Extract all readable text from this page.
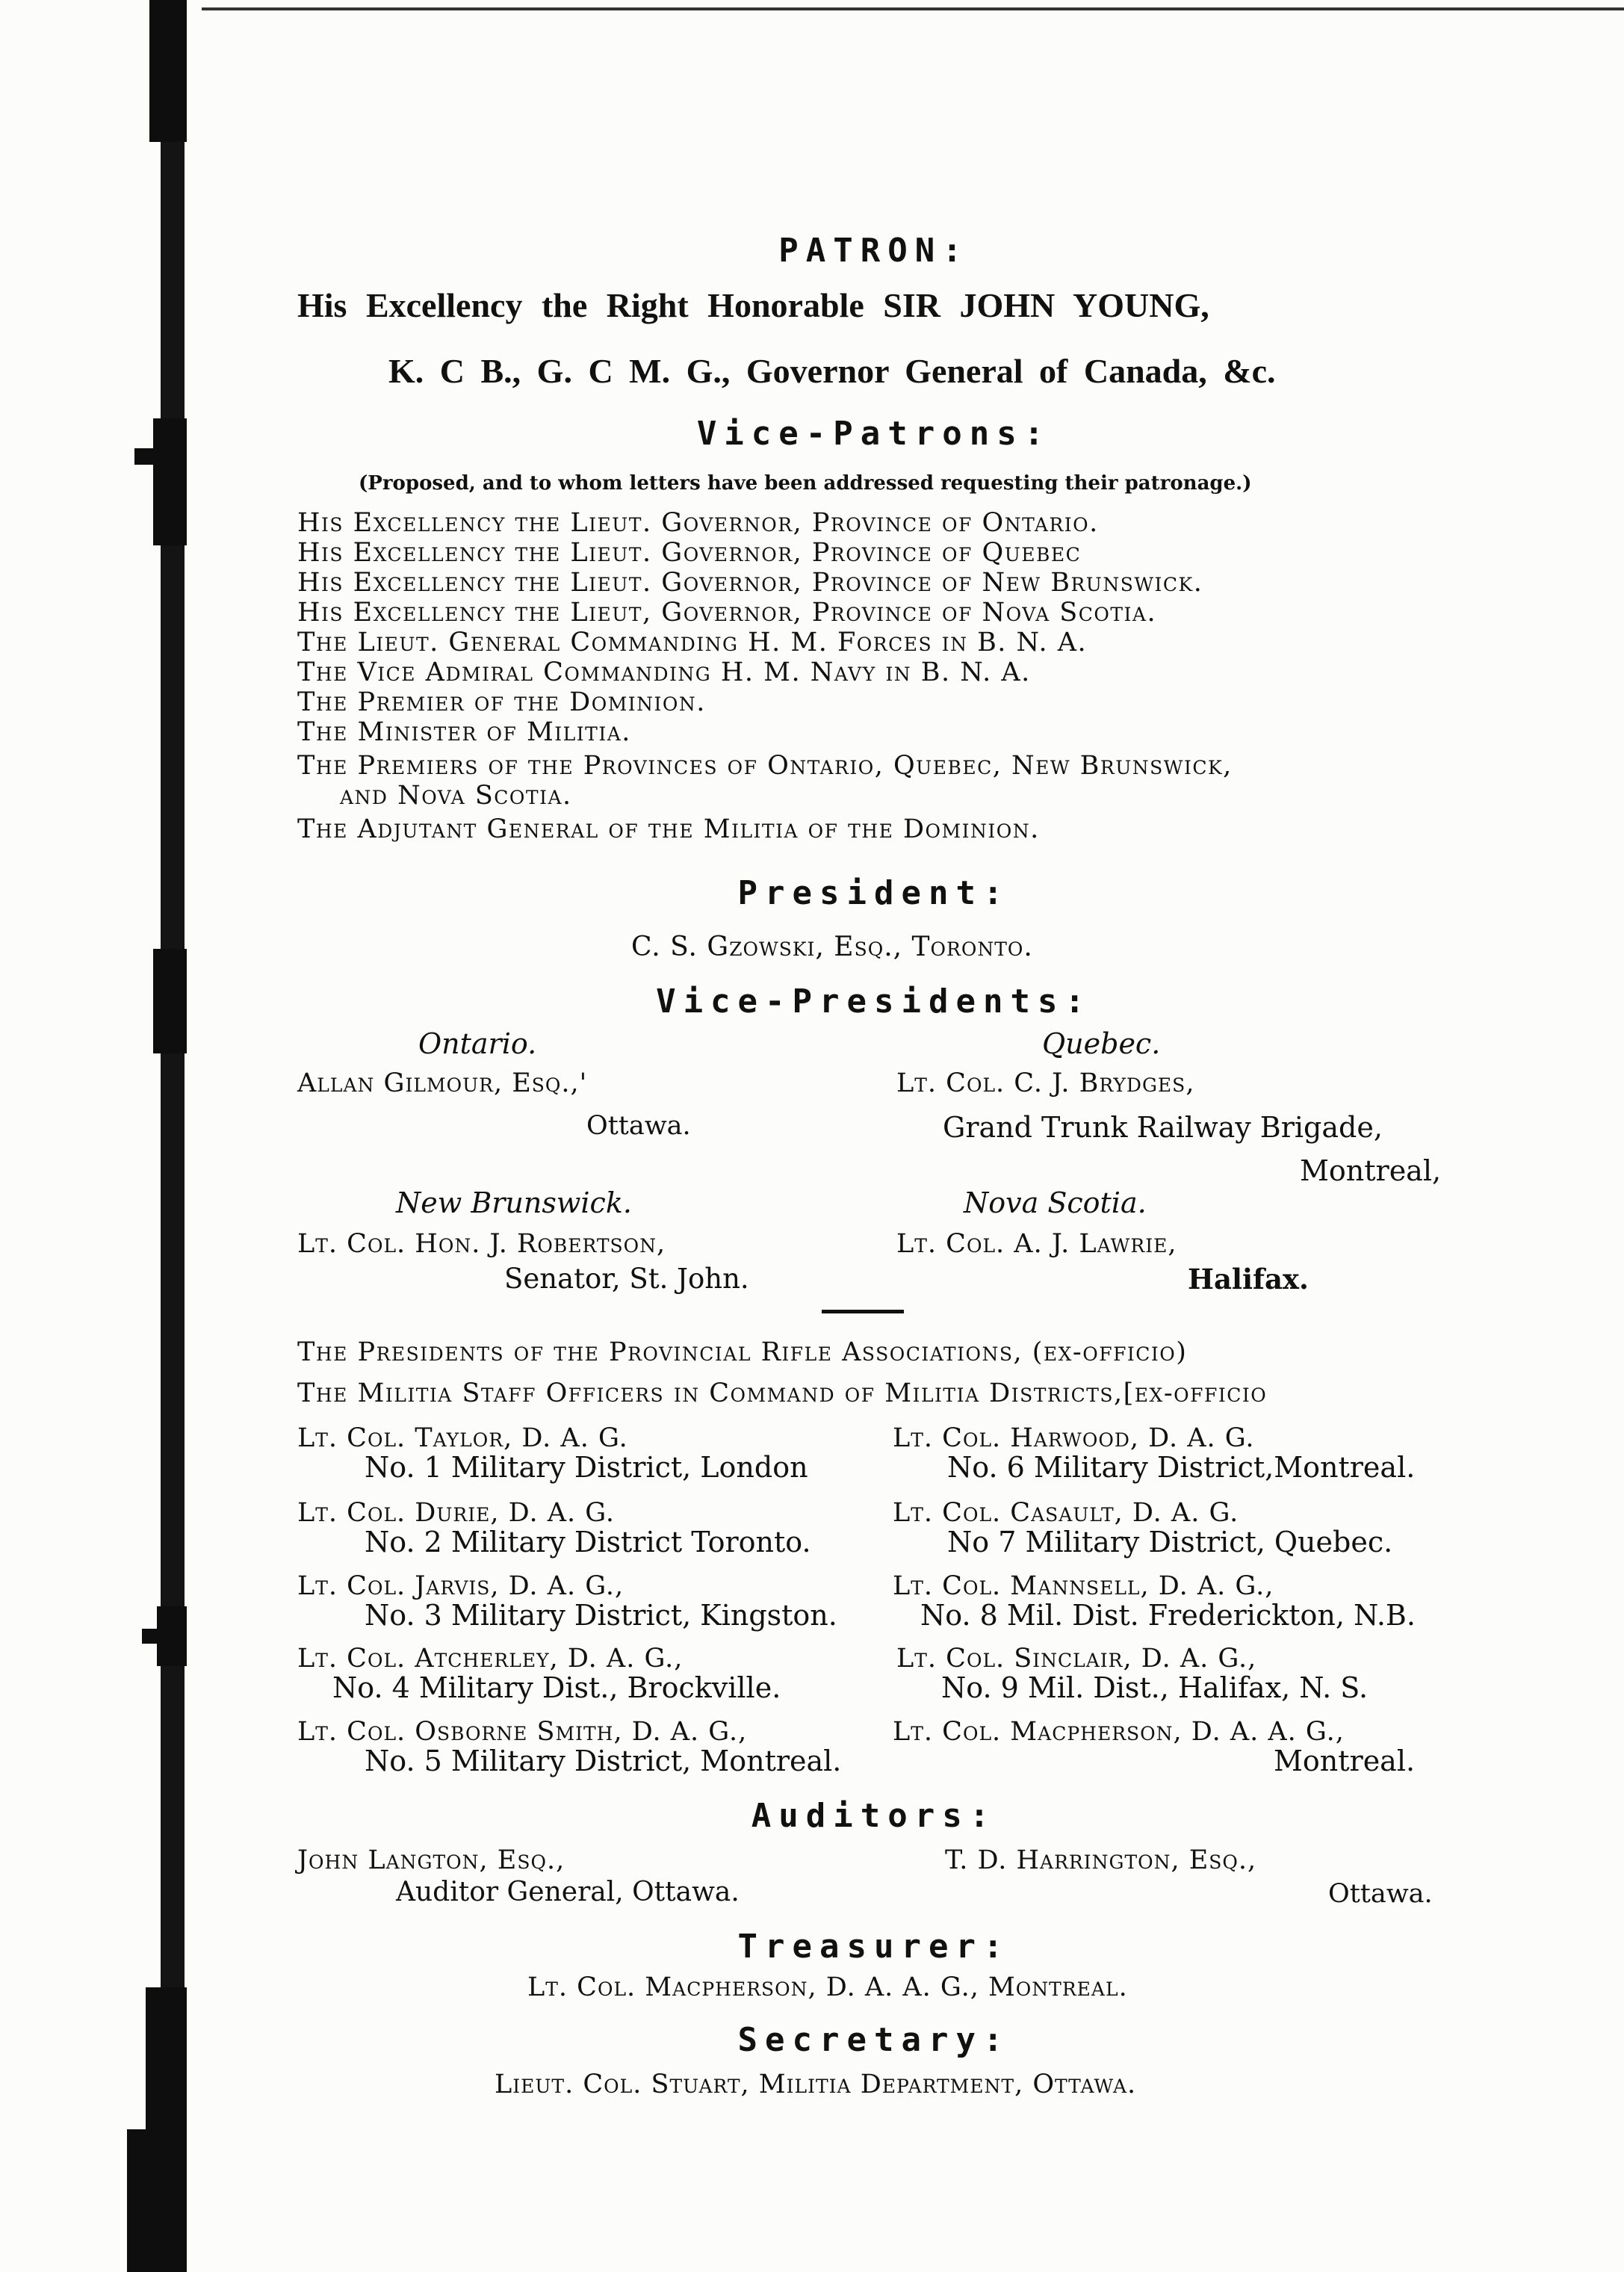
PATRON:

His Excellency the Right Honorable SIR JOHN YOUNG,

K. C B., G. C M. G., Governor General of Canada, &c.

Vice-Patrons:

(Proposed, and to whom letters have been addressed requesting their patronage.)

His Excellency the Lieut. Governor, Province of Ontario.

His Excellency the Lieut. Governor, Province of Quebec

His Excellency the Lieut. Governor, Province of New Brunswick.

His Excellency the Lieut, Governor, Province of Nova Scotia.

The Lieut. General Commanding H. M. Forces in B. N. A.

The Vice Admiral Commanding H. M. Navy in B. N. A.

The Premier of the Dominion.

The Minister of Militia.

The Premiers of the Provinces of Ontario, Quebec, New Brunswick,

and Nova Scotia.

The Adjutant General of the Militia of the Dominion.

President:

C. S. Gzowski, Esq., Toronto.

Vice-Presidents:

Ontario.

Allan Gilmour, Esq.,'

Ottawa.

Quebec.

Lt. Col. C. J. Brydges,

Grand Trunk Railway Brigade,

Montreal,

New Brunswick.

Lt. Col. Hon. J. Robertson,

Senator, St. John.

Nova Scotia.

Lt. Col. A. J. Lawrie,

Halifax.

The Presidents of the Provincial Rifle Associations, (ex-officio)

The Militia Staff Officers in Command of Militia Districts,[ex-officio

Lt. Col. Taylor, D. A. G.

No. 1 Military District, London

Lt. Col. Harwood, D. A. G.

No. 6 Military District,Montreal.

Lt. Col. Durie, D. A. G.

No. 2 Military District Toronto.

Lt. Col. Casault, D. A. G.

No 7 Military District, Quebec.

Lt. Col. Jarvis, D. A. G.,

No. 3 Military District, Kingston.

Lt. Col. Mannsell, D. A. G.,

No. 8 Mil. Dist. Frederickton, N.B.

Lt. Col. Atcherley, D. A. G.,

No. 4 Military Dist., Brockville.

Lt. Col. Sinclair, D. A. G.,

No. 9 Mil. Dist., Halifax, N. S.

Lt. Col. Osborne Smith, D. A. G.,

No. 5 Military District, Montreal.

Lt. Col. Macpherson, D. A. A. G.,

Montreal.

Auditors:

John Langton, Esq.,

Auditor General, Ottawa.

T. D. Harrington, Esq.,

Ottawa.

Treasurer:

Lt. Col. Macpherson, D. A. A. G., Montreal.

Secretary:

Lieut. Col. Stuart, Militia Department, Ottawa.
